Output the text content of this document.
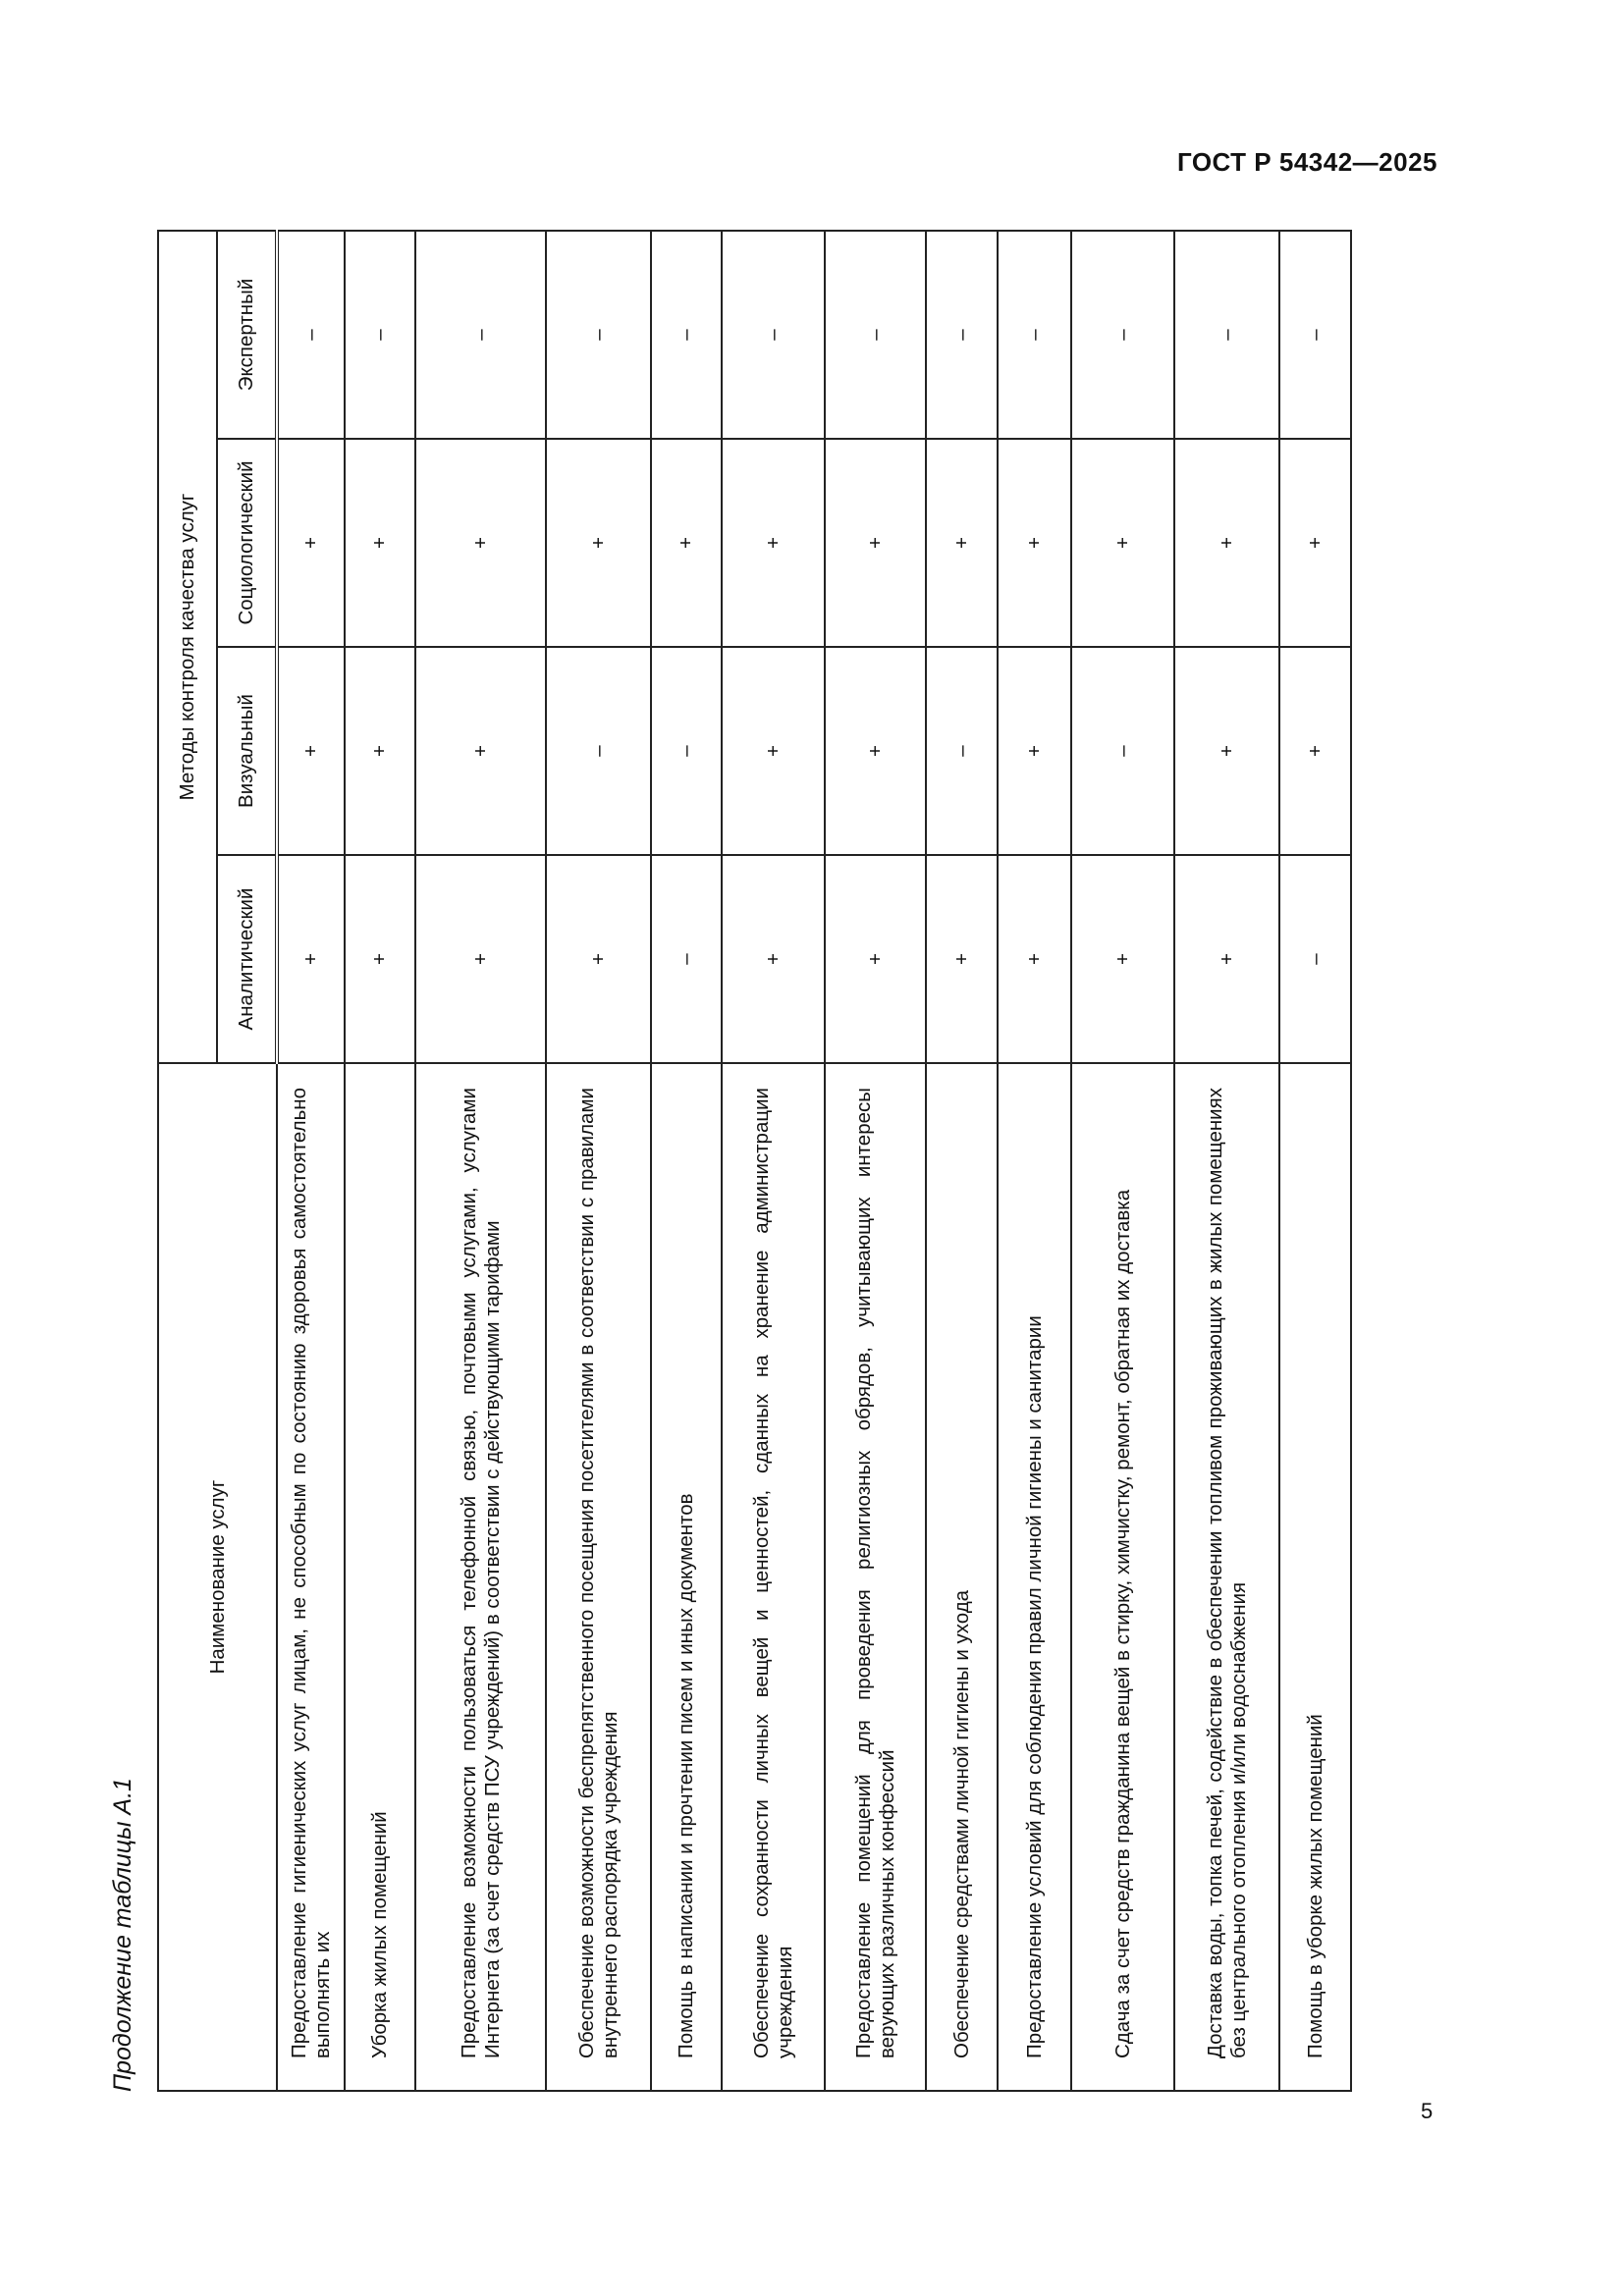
ГОСТ Р 54342—2025
Продолжение таблицы А.1
Наименование услуг	Методы контроля качества услуг			
	Аналитический	Визуальный	Социологический	Экспертный
Предоставление гигиенических услуг лицам, не способным по состоянию здоровья самостоятельно выполнять их	+	+	+	–
Уборка жилых помещений	+	+	+	–
Предоставление возможности пользоваться телефонной связью, почтовыми услугами, услугами Интернета (за счет средств ПСУ учреждений) в соответствии с действующими тарифами	+	+	+	–
Обеспечение возможности беспрепятственного посещения посетителями в соответствии с правилами внутреннего распорядка учреждения	+	–	+	–
Помощь в написании и прочтении писем и иных документов	–	–	+	–
Обеспечение сохранности личных вещей и ценностей, сданных на хранение администрации учреждения	+	+	+	–
Предоставление помещений для проведения религиозных обрядов, учитывающих интересы верующих различных конфессий	+	+	+	–
Обеспечение средствами личной гигиены и ухода	+	–	+	–
Предоставление условий для соблюдения правил личной гигиены и санитарии	+	+	+	–
Сдача за счет средств гражданина вещей в стирку, химчистку, ремонт, обратная их доставка	+	–	+	–
Доставка воды, топка печей, содействие в обеспечении топливом проживающих в жилых помещениях без центрального отопления и/или водоснабжения	+	+	+	–
Помощь в уборке жилых помещений	–	+	+	–
5
